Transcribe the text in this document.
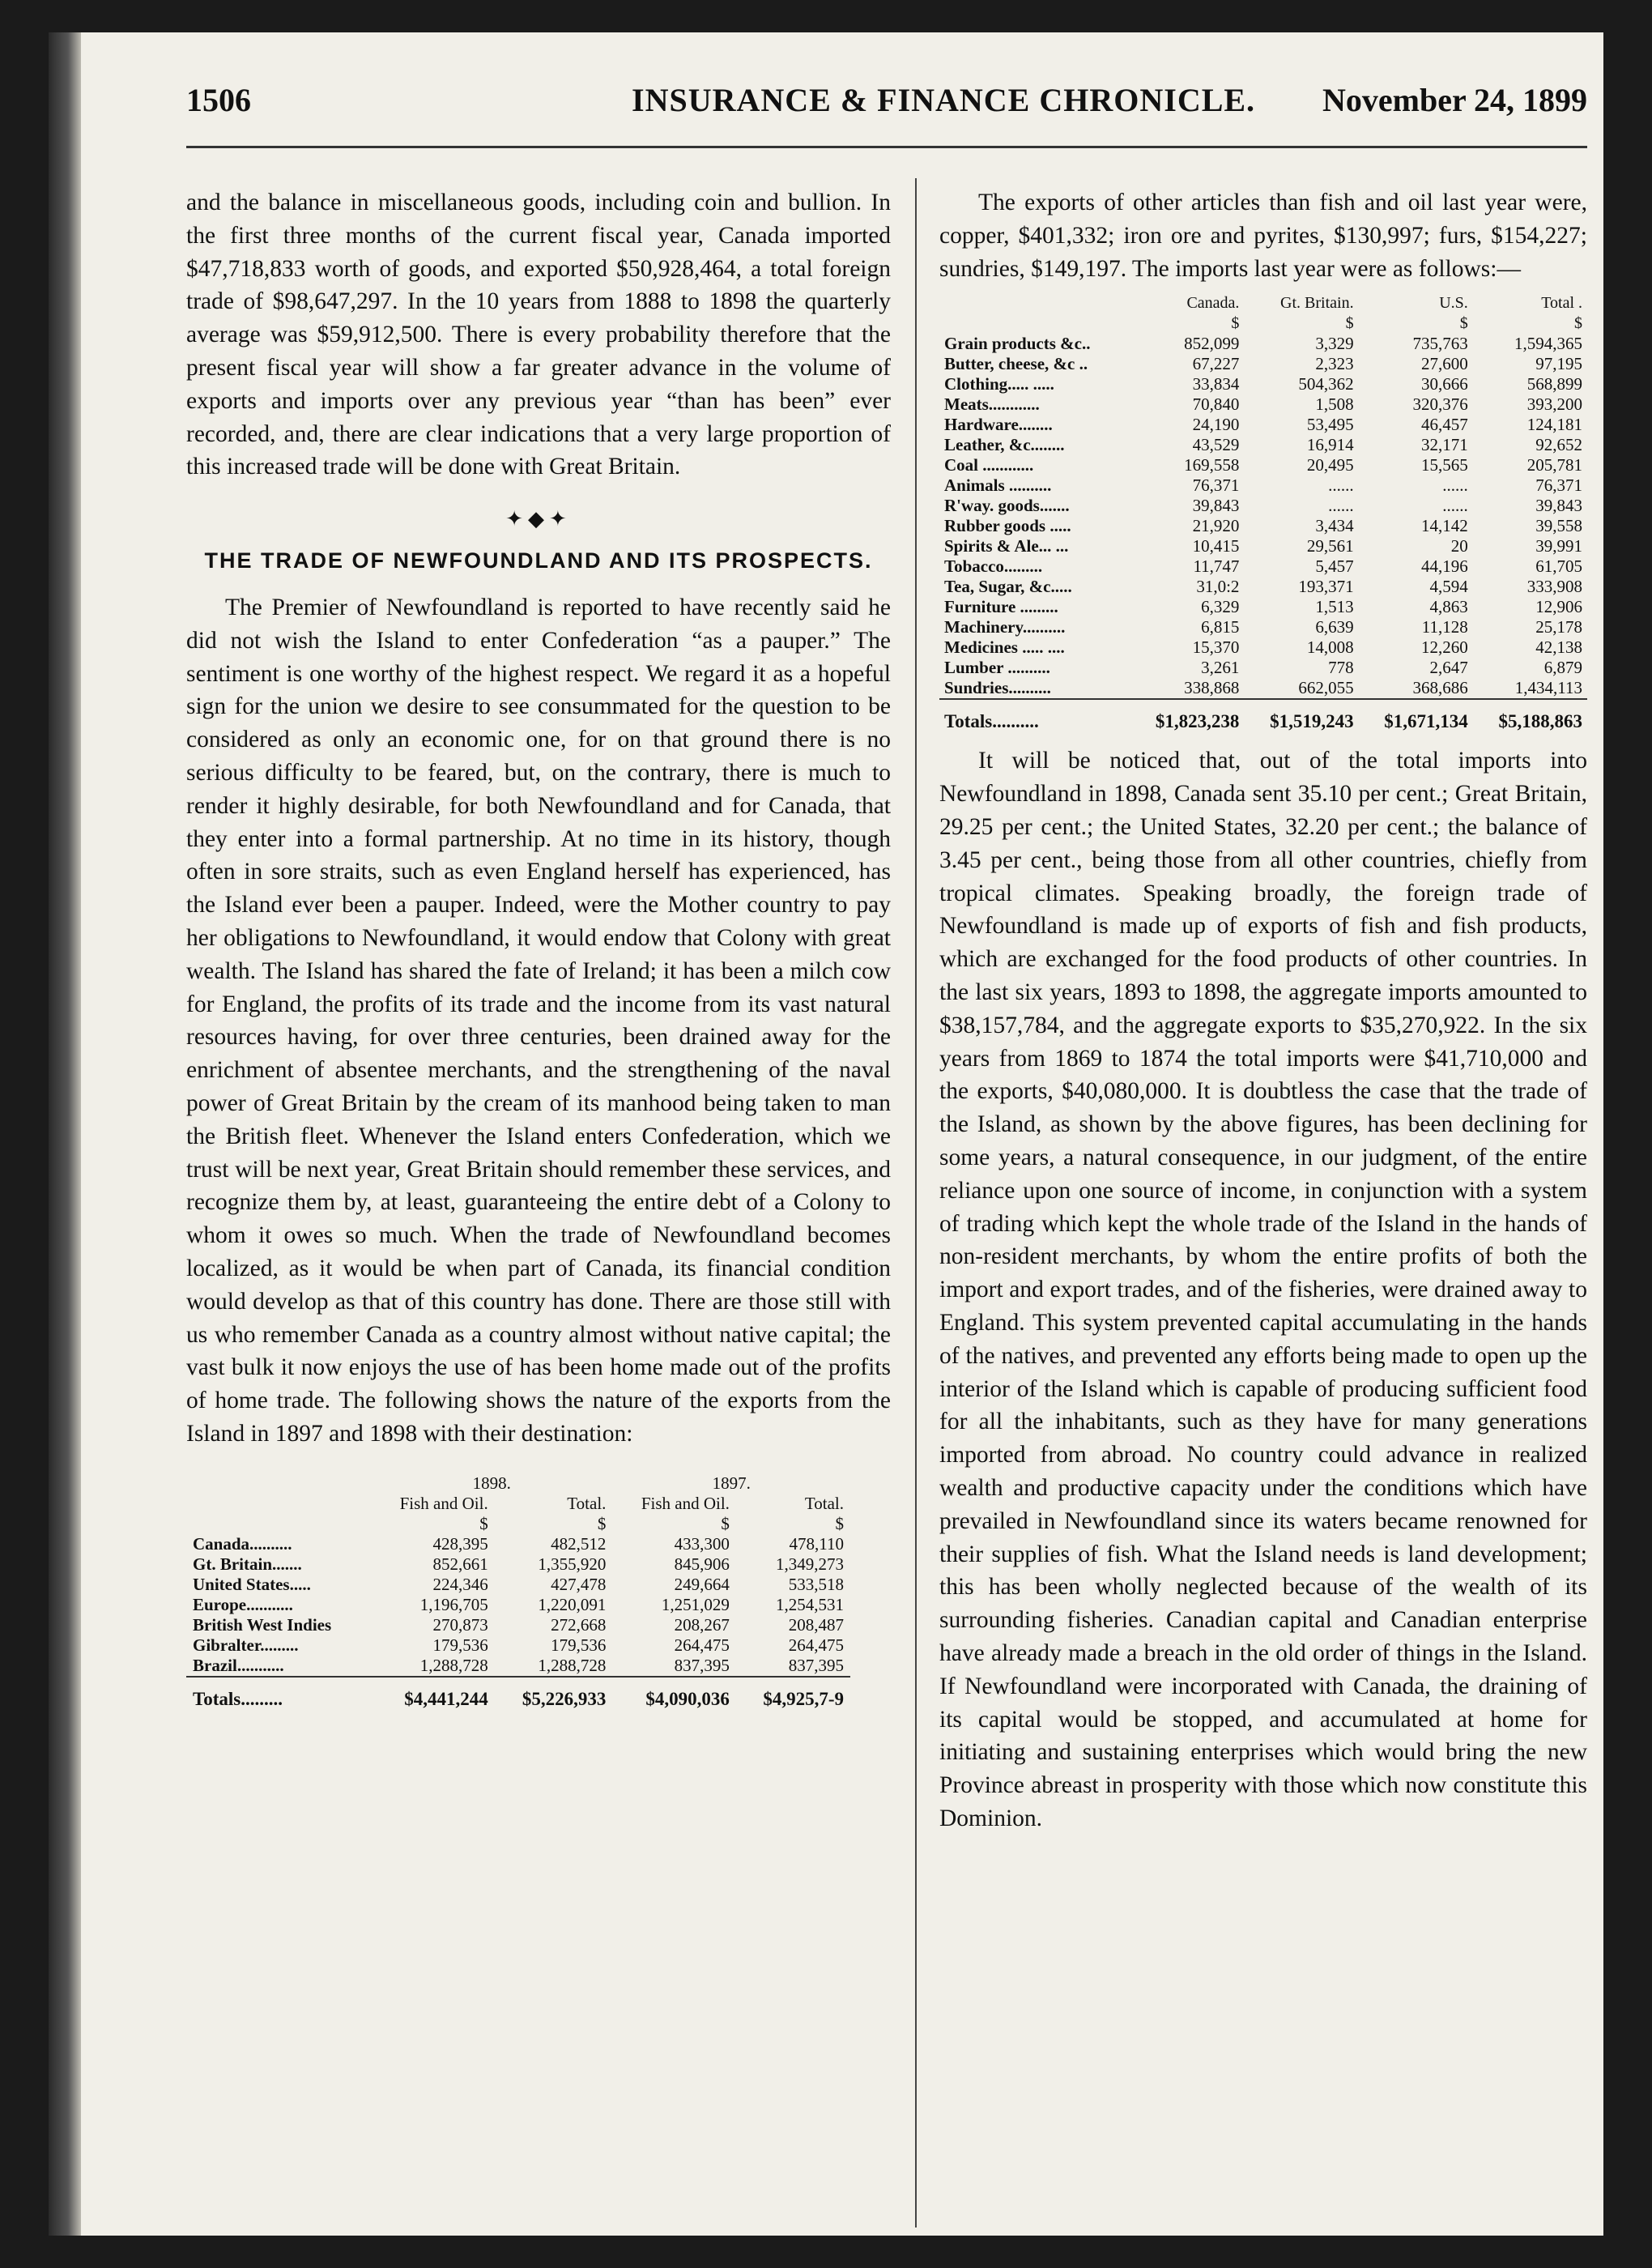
1506	INSURANCE & FINANCE CHRONICLE. November 24, 1899

and the balance in miscellaneous goods, including coin and bullion. In the first three months of the current fiscal year, Canada imported $47,718,833 worth of goods, and exported $50,928,464, a total foreign trade of $98,647,297. In the 10 years from 1888 to 1898 the quarterly average was $59,912,500. There is every probability therefore that the present fiscal year will show a far greater advance in the volume of exports and imports over any previous year “than has been” ever recorded, and, there are clear indications that a very large proportion of this increased trade will be done with Great Britain.

✦◆✦
THE TRADE OF NEWFOUNDLAND AND ITS PROSPECTS.

The Premier of Newfoundland is reported to have recently said he did not wish the Island to enter Confederation “as a pauper.” The sentiment is one worthy of the highest respect. We regard it as a hopeful sign for the union we desire to see consummated for the question to be considered as only an economic one, for on that ground there is no serious difficulty to be feared, but, on the contrary, there is much to render it highly desirable, for both Newfoundland and for Canada, that they enter into a formal partnership. At no time in its history, though often in sore straits, such as even England herself has experienced, has the Island ever been a pauper. Indeed, were the Mother country to pay her obligations to Newfoundland, it would endow that Colony with great wealth. The Island has shared the fate of Ireland; it has been a milch cow for England, the profits of its trade and the income from its vast natural resources having, for over three centuries, been drained away for the enrichment of absentee merchants, and the strengthening of the naval power of Great Britain by the cream of its manhood being taken to man the British fleet. Whenever the Island enters Confederation, which we trust will be next year, Great Britain should remember these services, and recognize them by, at least, guaranteeing the entire debt of a Colony to whom it owes so much. When the trade of Newfoundland becomes localized, as it would be when part of Canada, its financial condition would develop as that of this country has done. There are those still with us who remember Canada as a country almost without native capital; the vast bulk it now enjoys the use of has been home made out of the profits of home trade. The following shows the nature of the exports from the Island in 1897 and 1898 with their destination:

	1898.		1897.	
	Fish and Oil.	Total.	Fish and Oil.	Total.
	$	$	$	$
Canada..........	428,395	482,512	433,300	478,110
Gt. Britain.......	852,661	1,355,920	845,906	1,349,273
United States.....	224,346	427,478	249,664	533,518
Europe...........	1,196,705	1,220,091	1,251,029	1,254,531
British West Indies	270,873	272,668	208,267	208,487
Gibralter.........	179,536	179,536	264,475	264,475
Brazil...........	1,288,728	1,288,728	837,395	837,395
Totals.........	$4,441,244	$5,226,933	$4,090,036	$4,925,7-9

The exports of other articles than fish and oil last year were, copper, $401,332; iron ore and pyrites, $130,997; furs, $154,227; sundries, $149,197. The imports last year were as follows:—

	Canada.	Gt. Britain.	U.S.	Total .
	$	$	$	$
Grain products &c..	852,099	3,329	735,763	1,594,365
Butter, cheese, &c ..	67,227	2,323	27,600	97,195
Clothing..... .....	33,834	504,362	30,666	568,899
Meats............	70,840	1,508	320,376	393,200
Hardware........	24,190	53,495	46,457	124,181
Leather, &c........	43,529	16,914	32,171	92,652
Coal ............	169,558	20,495	15,565	205,781
Animals ..........	76,371	......	......	76,371
R'way. goods.......	39,843	......	......	39,843
Rubber goods .....	21,920	3,434	14,142	39,558
Spirits & Ale... ...	10,415	29,561	20	39,991
Tobacco.........	11,747	5,457	44,196	61,705
Tea, Sugar, &c.....	31,0:2	193,371	4,594	333,908
Furniture .........	6,329	1,513	4,863	12,906
Machinery..........	6,815	6,639	11,128	25,178
Medicines ..... ....	15,370	14,008	12,260	42,138
Lumber ..........	3,261	778	2,647	6,879
Sundries..........	338,868	662,055	368,686	1,434,113
Totals..........	$1,823,238	$1,519,243	$1,671,134	$5,188,863

It will be noticed that, out of the total imports into Newfoundland in 1898, Canada sent 35.10 per cent.; Great Britain, 29.25 per cent.; the United States, 32.20 per cent.; the balance of 3.45 per cent., being those from all other countries, chiefly from tropical climates. Speaking broadly, the foreign trade of Newfoundland is made up of exports of fish and fish products, which are exchanged for the food products of other countries. In the last six years, 1893 to 1898, the aggregate imports amounted to $38,157,784, and the aggregate exports to $35,270,922. In the six years from 1869 to 1874 the total imports were $41,710,000 and the exports, $40,080,000. It is doubtless the case that the trade of the Island, as shown by the above figures, has been declining for some years, a natural consequence, in our judgment, of the entire reliance upon one source of income, in conjunction with a system of trading which kept the whole trade of the Island in the hands of non-resident merchants, by whom the entire profits of both the import and export trades, and of the fisheries, were drained away to England. This system prevented capital accumulating in the hands of the natives, and prevented any efforts being made to open up the interior of the Island which is capable of producing sufficient food for all the inhabitants, such as they have for many generations imported from abroad. No country could advance in realized wealth and productive capacity under the conditions which have prevailed in Newfoundland since its waters became renowned for their supplies of fish. What the Island needs is land development; this has been wholly neglected because of the wealth of its surrounding fisheries. Canadian capital and Canadian enterprise have already made a breach in the old order of things in the Island. If Newfoundland were incorporated with Canada, the draining of its capital would be stopped, and accumulated at home for initiating and sustaining enterprises which would bring the new Province abreast in prosperity with those which now constitute this Dominion.
